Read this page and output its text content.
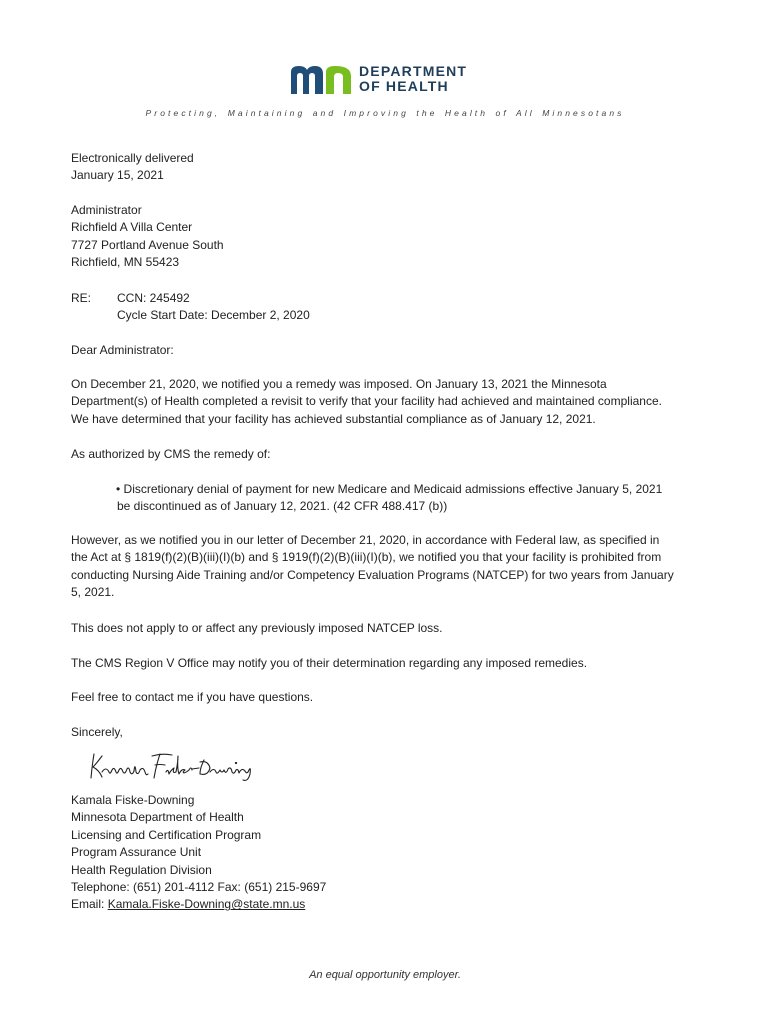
DEPARTMENT
OF HEALTH
Protecting, Maintaining and Improving the Health of All Minnesotans
Electronically delivered
January 15, 2021
Administrator
Richfield A Villa Center
7727 Portland Avenue South
Richfield, MN 55423
RE: CCN: 245492
Cycle Start Date: December 2, 2020
Dear Administrator:
On December 21, 2020, we notified you a remedy was imposed. On January 13, 2021 the Minnesota
Department(s) of Health completed a revisit to verify that your facility had achieved and maintained compliance.
We have determined that your facility has achieved substantial compliance as of January 12, 2021.
As authorized by CMS the remedy of:
• Discretionary denial of payment for new Medicare and Medicaid admissions effective January 5, 2021
be discontinued as of January 12, 2021. (42 CFR 488.417 (b))
However, as we notified you in our letter of December 21, 2020, in accordance with Federal law, as specified in
the Act at § 1819(f)(2)(B)(iii)(I)(b) and § 1919(f)(2)(B)(iii)(I)(b), we notified you that your facility is prohibited from
conducting Nursing Aide Training and/or Competency Evaluation Programs (NATCEP) for two years from January
5, 2021.
This does not apply to or affect any previously imposed NATCEP loss.
The CMS Region V Office may notify you of their determination regarding any imposed remedies.
Feel free to contact me if you have questions.
Sincerely,
Kamala Fiske-Downing
Minnesota Department of Health
Licensing and Certification Program
Program Assurance Unit
Health Regulation Division
Telephone: (651) 201-4112 Fax: (651) 215-9697
Email: Kamala.Fiske-Downing@state.mn.us
An equal opportunity employer.
